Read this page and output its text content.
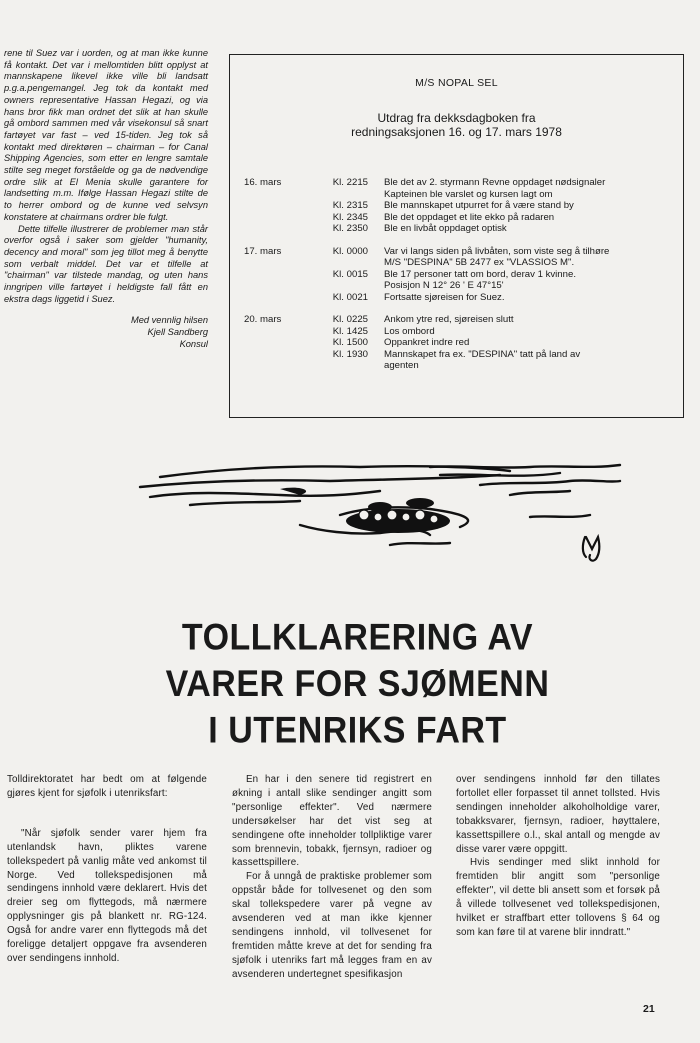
rene til Suez var i uorden, og at man ikke kunne få kontakt. Det var i mellomtiden blitt opplyst at mannskapene likevel ikke ville bli landsatt p.g.a.pengemangel. Jeg tok da kontakt med owners representative Hassan Hegazi, og via hans bror fikk man ordnet det slik at han skulle gå ombord sammen med vår visekonsul så snart fartøyet var fast – ved 15-tiden. Jeg tok så kontakt med direktøren – chairman – for Canal Shipping Agencies, som etter en lengre samtale stilte seg meget forståelde og ga de nødvendige ordre slik at El Menia skulle garantere for landsetting m.m. Ifølge Hassan Hegazi stilte de to herrer ombord og de kunne ved selvsyn konstatere at chairmans ordrer ble fulgt.

Dette tilfelle illustrerer de problemer man står overfor også i saker som gjelder "humanity, decency and moral" som jeg tillot meg å benytte som verbalt middel. Det var et tilfelle at "chairman" var tilstede mandag, og uten hans inngripen ville fartøyet i heldigste fall fått en ekstra dags liggetid i Suez.

Med vennlig hilsen
Kjell Sandberg
Konsul
M/S NOPAL SEL
Utdrag fra dekksdagboken fra
redningsaksjonen 16. og 17. mars 1978
16. mars	Kl. 2215	Ble det av 2. styrmann Revne oppdaget nødsignaler
Kapteinen ble varslet og kursen lagt om
Kl. 2315	Ble mannskapet utpurret for å være stand by
Kl. 2345	Ble det oppdaget et lite ekko på radaren
Kl. 2350	Ble en livbåt oppdaget optisk
17. mars	Kl. 0000	Var vi langs siden på livbåten, som viste seg å tilhøre
M/S "DESPINA" 5B 2477 ex "VLASSIOS M".
Kl. 0015	Ble 17 personer tatt om bord, derav 1 kvinne.
Posisjon N 12° 26 ' E 47°15'
Kl. 0021	Fortsatte sjøreisen for Suez.
20. mars	Kl. 0225	Ankom ytre red, sjøreisen slutt
Kl. 1425	Los ombord
Kl. 1500	Oppankret indre red
Kl. 1930	Mannskapet fra ex. "DESPINA" tatt på land av
agenten
TOLLKLARERING AV
VARER FOR SJØMENN
I UTENRIKS FART

Tolldirektoratet har bedt om at følgende gjøres kjent for sjøfolk i utenriksfart:

"Når sjøfolk sender varer hjem fra utenlandsk havn, pliktes varene tollekspedert på vanlig måte ved ankomst til Norge. Ved tollekspedisjonen må sendingens innhold være deklarert. Hvis det dreier seg om flyttegods, må nærmere opplysninger gis på blankett nr. RG-124. Også for andre varer enn flyttegods må det foreligge detaljert oppgave fra avsenderen over sendingens innhold.

En har i den senere tid registrert en økning i antall slike sendinger angitt som "personlige effekter". Ved nærmere undersøkelser har det vist seg at sendingene ofte inneholder tollpliktige varer som brennevin, tobakk, fjernsyn, radioer og kassettspillere.

For å unngå de praktiske problemer som oppstår både for tollvesenet og den som skal tollekspedere varer på vegne av avsenderen ved at man ikke kjenner sendingens innhold, vil tollvesenet for fremtiden måtte kreve at det for sending fra sjøfolk i utenriks fart må legges fram en av avsenderen undertegnet spesifikasjon

over sendingens innhold før den tillates fortollet eller forpasset til annet tollsted. Hvis sendingen inneholder alkoholholdige varer, tobakksvarer, fjernsyn, radioer, høyttalere, kassettspillere o.l., skal antall og mengde av disse varer være oppgitt.

Hvis sendinger med slikt innhold for fremtiden blir angitt som "personlige effekter", vil dette bli ansett som et forsøk på å villede tollvesenet ved tollekspedisjonen, hvilket er straffbart etter tollovens § 64 og som kan føre til at varene blir inndratt."

21
